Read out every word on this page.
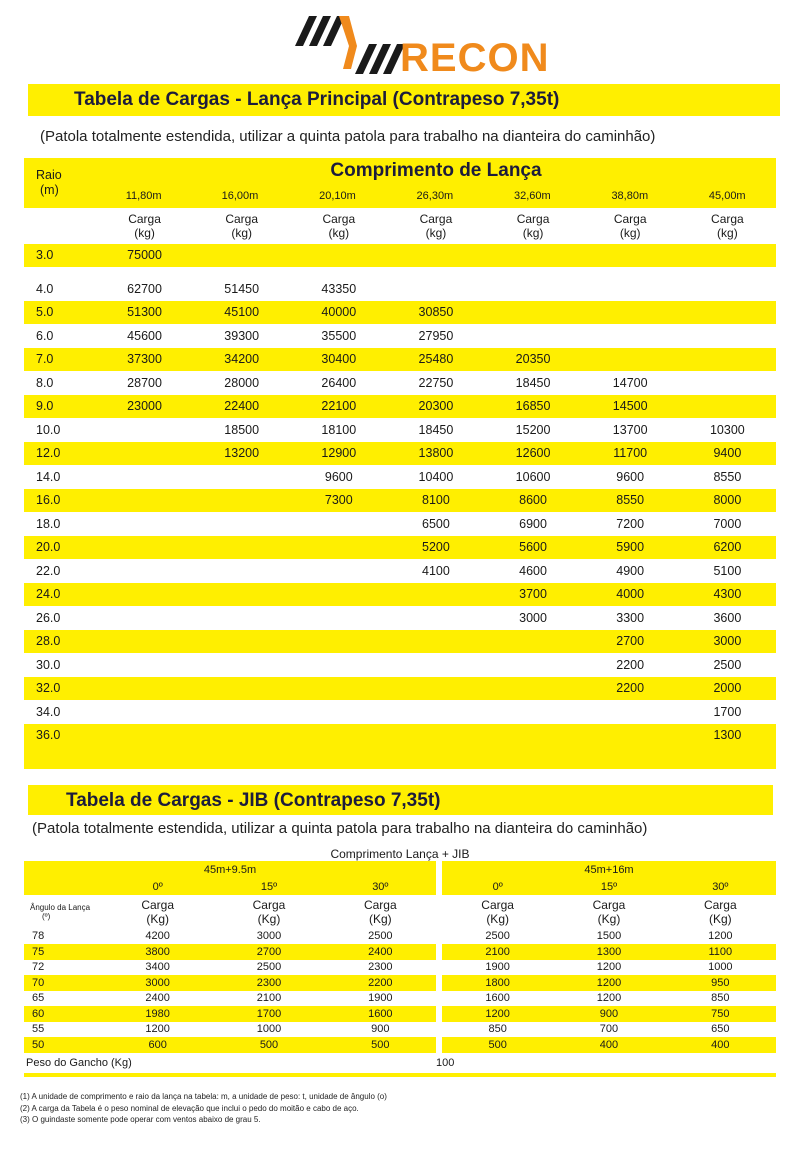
RECON
Tabela de Cargas - Lança Principal (Contrapeso 7,35t)
(Patola totalmente estendida, utilizar a quinta patola para trabalho na dianteira do caminhão)
Raio
(m)	
Comprimento de Lança
11,80m	16,00m	20,10m	26,30m	32,60m	38,80m	45,00m

	Carga
(kg)	Carga
(kg)	Carga
(kg)	Carga
(kg)	Carga
(kg)	Carga
(kg)	Carga
(kg)
3.0	75000						

4.0	62700	51450	43350				
5.0	51300	45100	40000	30850			
6.0	45600	39300	35500	27950			
7.0	37300	34200	30400	25480	20350		
8.0	28700	28000	26400	22750	18450	14700	
9.0	23000	22400	22100	20300	16850	14500	
10.0		18500	18100	18450	15200	13700	10300
12.0		13200	12900	13800	12600	11700	9400
14.0			9600	10400	10600	9600	8550
16.0			7300	8100	8600	8550	8000
18.0				6500	6900	7200	7000
20.0				5200	5600	5900	6200
22.0				4100	4600	4900	5100
24.0					3700	4000	4300
26.0					3000	3300	3600
28.0						2700	3000
30.0						2200	2500
32.0						2200	2000
34.0							1700
36.0							1300

Tabela de Cargas - JIB (Contrapeso 7,35t)
(Patola totalmente estendida, utilizar a quinta patola para trabalho na dianteira do caminhão)
Comprimento Lança + JIB							
45m+9.5m					45m+16m		
	0º	15º	30º		0º	15º	30º
Ângulo da Lança
(º)	Carga
(Kg)	Carga
(Kg)	Carga
(Kg)		Carga
(Kg)	Carga
(Kg)	Carga
(Kg)
78	4200	3000	2500		2500	1500	1200
75	3800	2700	2400		2100	1300	1100
72	3400	2500	2300		1900	1200	1000
70	3000	2300	2200		1800	1200	950
65	2400	2100	1900		1600	1200	850
60	1980	1700	1600		1200	900	750
55	1200	1000	900		850	700	650
50	600	500	500		500	400	400
Peso do Gancho (Kg)				100			

(1) A unidade de comprimento e raio da lança na tabela: m, a unidade de peso: t, unidade de ângulo (o)
(2) A carga da Tabela é o peso nominal de elevação que inclui o pedo do moitão e cabo de aço.
(3) O guindaste somente pode operar com ventos abaixo de grau 5.
